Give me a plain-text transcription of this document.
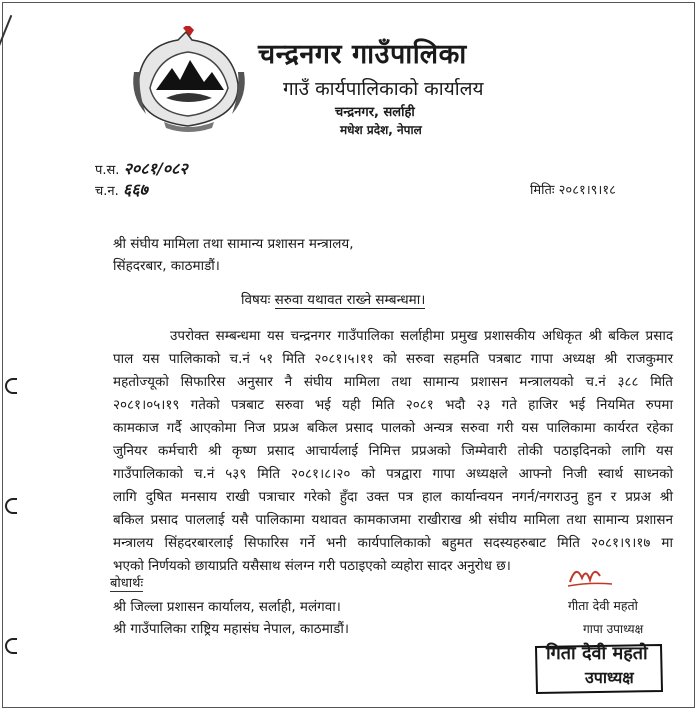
चन्द्रनगर गाउँपालिका
गाउँ कार्यपालिकाको कार्यालय
चन्द्रनगर, सर्लाही
मधेश प्रदेश, नेपाल
प.स. २०८१/०८२
च.न. ६६७	मितिः २०८१।९।१८
श्री संघीय मामिला तथा सामान्य प्रशासन मन्त्रालय,
सिंहदरबार, काठमाडौं।
विषयः सरुवा यथावत राख्ने सम्बन्धमा।
उपरोक्त सम्बन्धमा यस चन्द्रनगर गाउँपालिका सर्लाहीमा प्रमुख प्रशासकीय अधिकृत श्री बकिल प्रसाद
पाल यस पालिकाको च.नं ५१ मिति २०८१।५।११ को सरुवा सहमति पत्रबाट गापा अध्यक्ष श्री राजकुमार
महतोज्यूको सिफारिस अनुसार नै संघीय मामिला तथा सामान्य प्रशासन मन्त्रालयको च.नं ३८८ मिति
२०८१।०५।१९ गतेको पत्रबाट सरुवा भई यही मिति २०८१ भदौ २३ गते हाजिर भई नियमित रुपमा
कामकाज गर्दै आएकोमा निज प्रप्रअ बकिल प्रसाद पालको अन्यत्र सरुवा गरी यस पालिकामा कार्यरत रहेका
जुनियर कर्मचारी श्री कृष्ण प्रसाद आचार्यलाई निमित्त प्रप्रअको जिम्मेवारी तोकी पठाइदिनको लागि यस
गाउँपालिकाको च.नं ५३९ मिति २०८१।८।२० को पत्रद्वारा गापा अध्यक्षले आफ्नो निजी स्वार्थ साध्नको
लागि दुषित मनसाय राखी पत्राचार गरेको हुँदा उक्त पत्र हाल कार्यान्वयन नगर्न/नगराउनु हुन र प्रप्रअ श्री
बकिल प्रसाद पाललाई यसै पालिकामा यथावत कामकाजमा राखीराख श्री संघीय मामिला तथा सामान्य प्रशासन
मन्त्रालय सिंहदरबारलाई सिफारिस गर्ने भनी कार्यपालिकाको बहुमत सदस्यहरुबाट मिति २०८१।९।१७ मा
भएको निर्णयको छायाप्रति यसैसाथ संलग्न गरी पठाइएको व्यहोरा सादर अनुरोध छ।
बोधार्थः
श्री जिल्ला प्रशासन कार्यालय, सर्लाही, मलंगवा।
श्री गाउँपालिका राष्ट्रिय महासंघ नेपाल, काठमाडौं।
गीता देवी महतो
गापा उपाध्यक्ष
गिता देवी महतो
उपाध्यक्ष
